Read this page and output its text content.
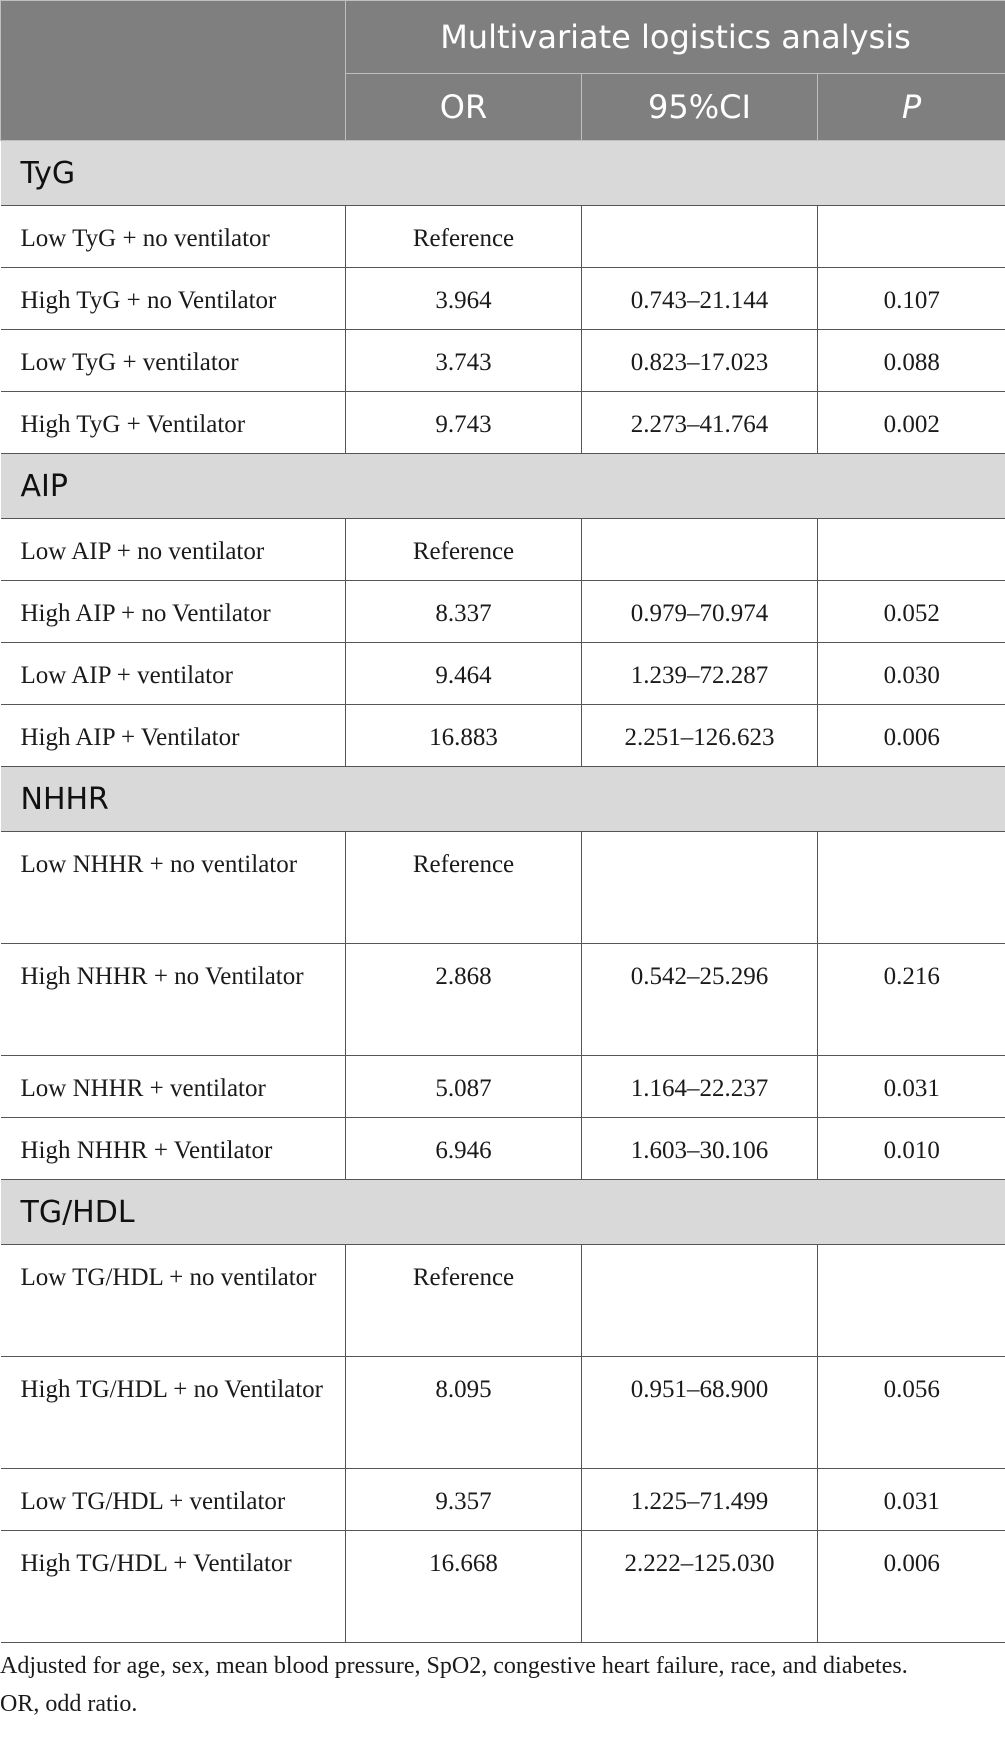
	Multivariate logistics analysis		
	OR	95%CI	P
TyG			
Low TyG + no ventilator	Reference		
High TyG + no Ventilator	3.964	0.743–21.144	0.107
Low TyG + ventilator	3.743	0.823–17.023	0.088
High TyG + Ventilator	9.743	2.273–41.764	0.002
AIP			
Low AIP + no ventilator	Reference		
High AIP + no Ventilator	8.337	0.979–70.974	0.052
Low AIP + ventilator	9.464	1.239–72.287	0.030
High AIP + Ventilator	16.883	2.251–126.623	0.006
NHHR			
Low NHHR + no ventilator	Reference		
High NHHR + no Ventilator	2.868	0.542–25.296	0.216
Low NHHR + ventilator	5.087	1.164–22.237	0.031
High NHHR + Ventilator	6.946	1.603–30.106	0.010
TG/HDL			
Low TG/HDL + no ventilator	Reference		
High TG/HDL + no Ventilator	8.095	0.951–68.900	0.056
Low TG/HDL + ventilator	9.357	1.225–71.499	0.031
High TG/HDL + Ventilator	16.668	2.222–125.030	0.006

Adjusted for age, sex, mean blood pressure, SpO2, congestive heart failure, race, and diabetes.

OR, odd ratio.
